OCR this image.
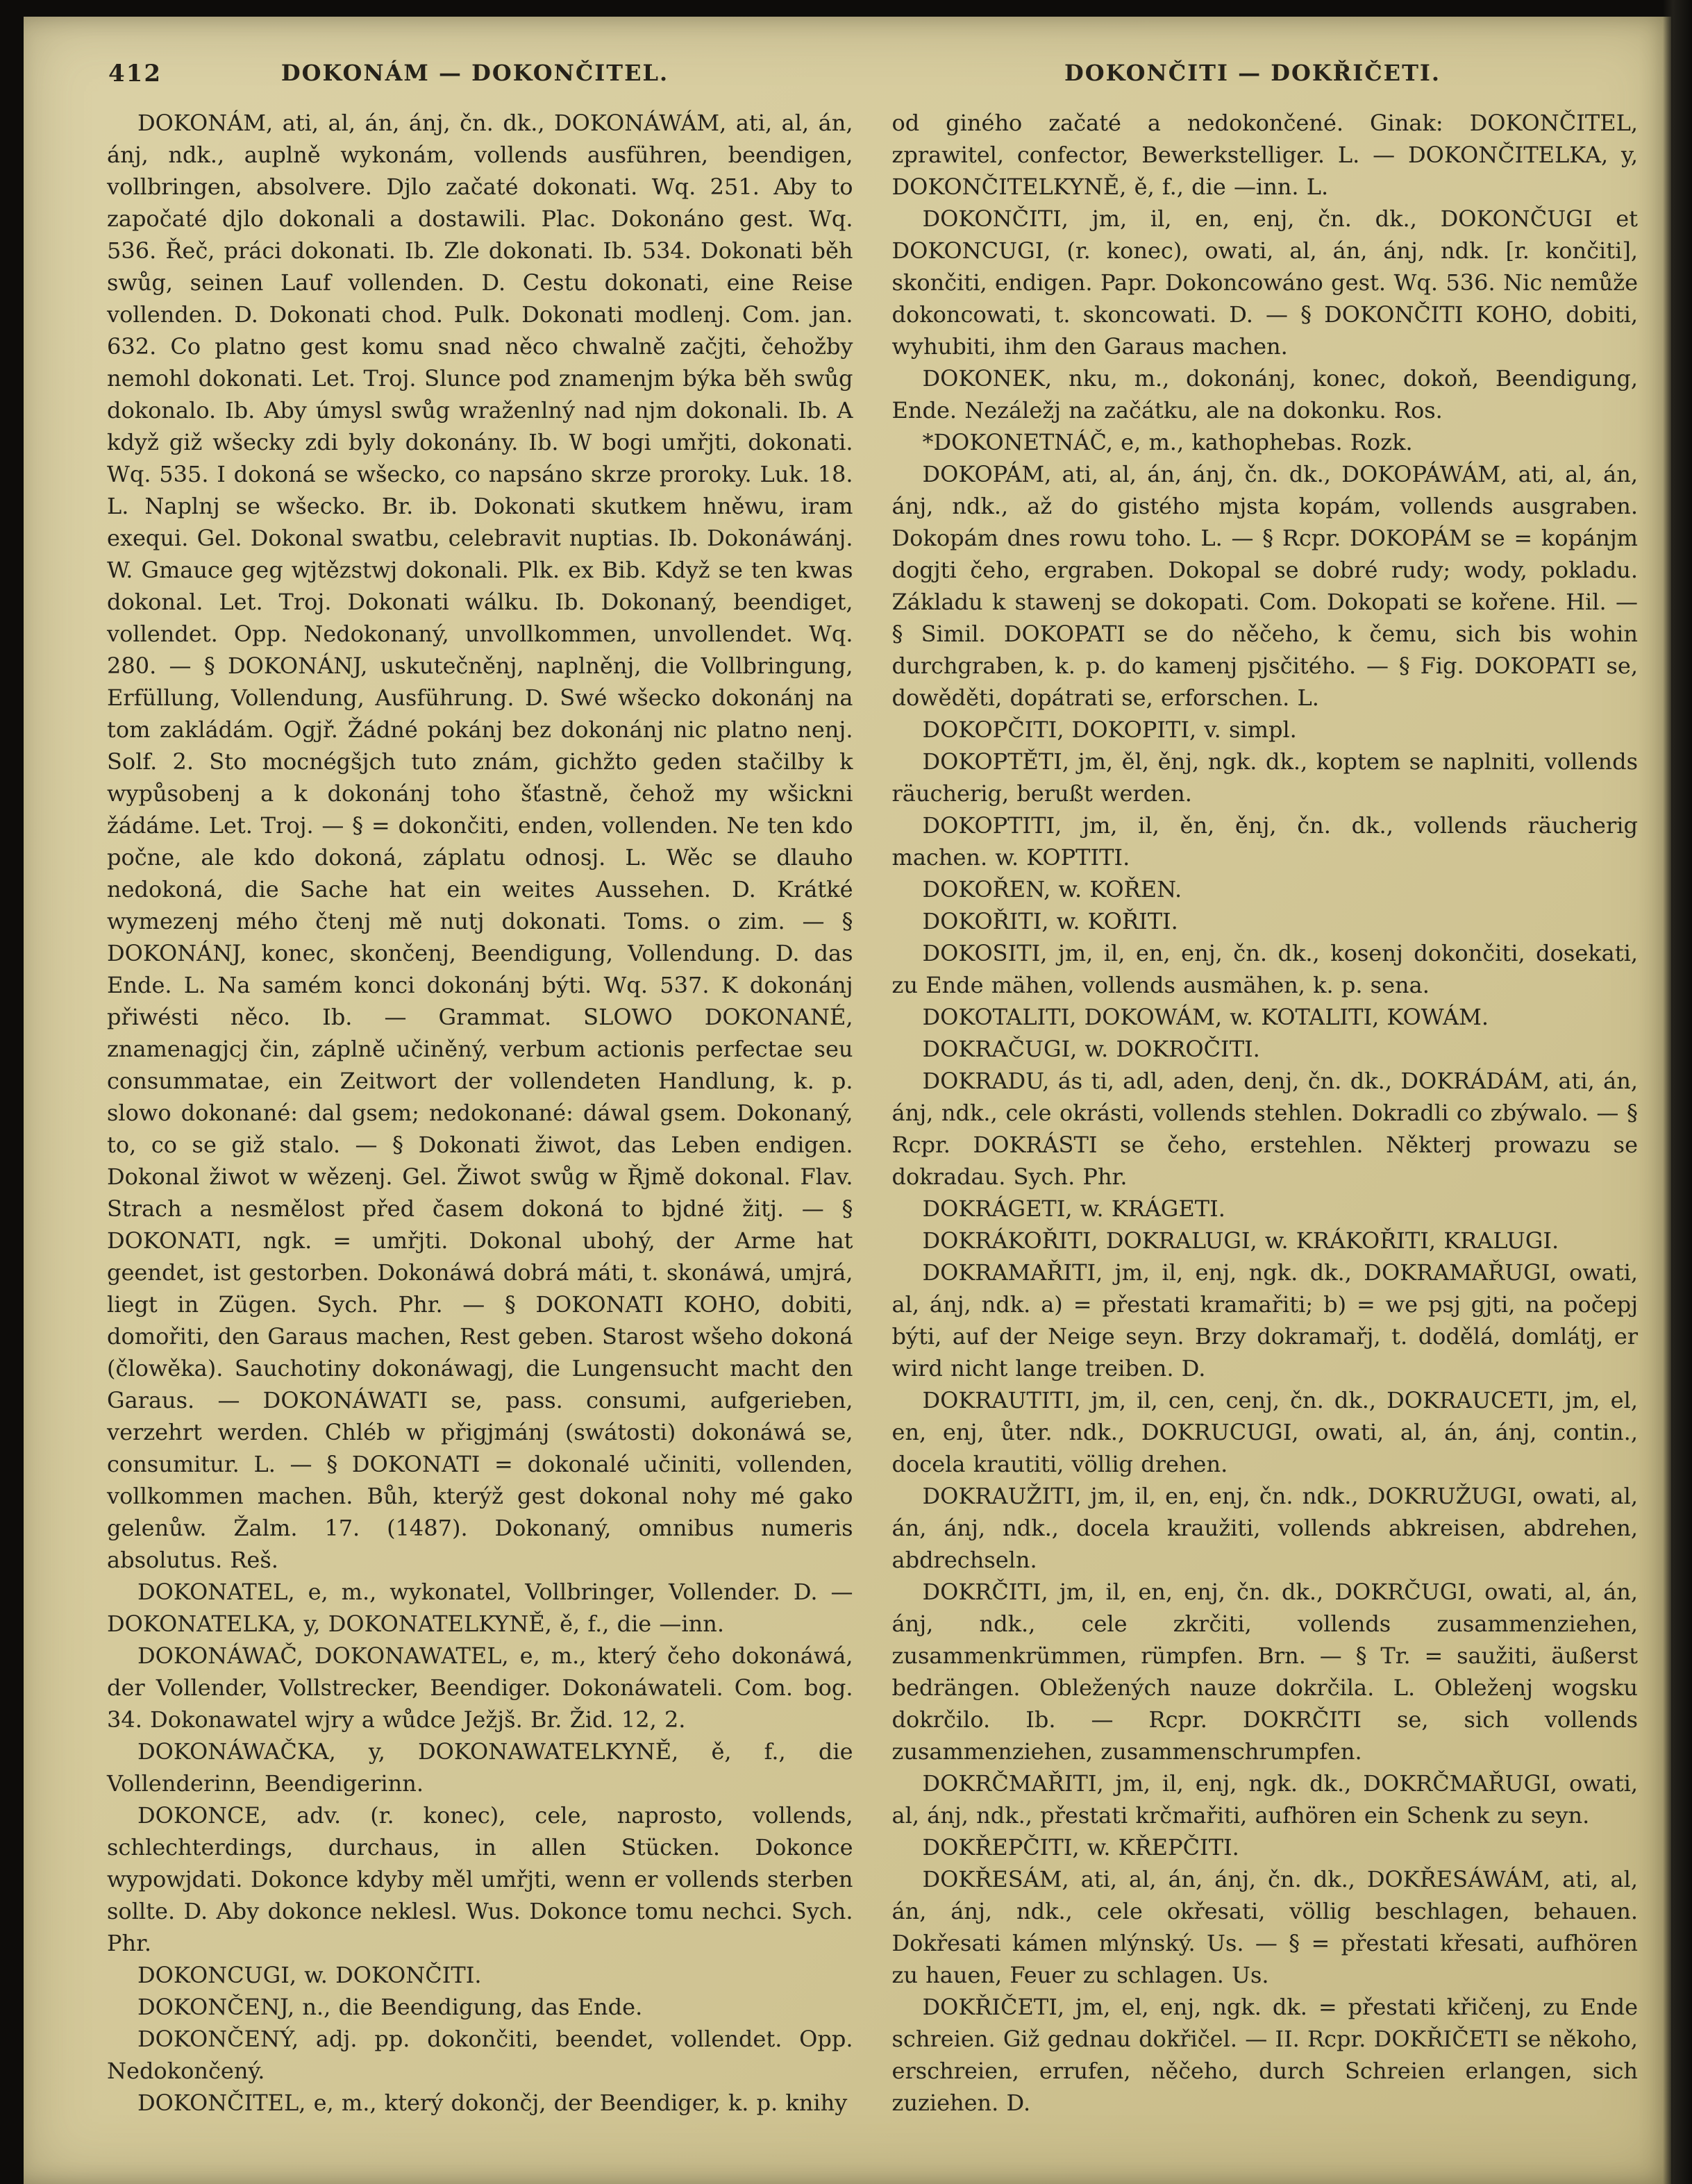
412	DOKONÁM — DOKONČITEL.	DOKONČITI — DOKŘIČETI.

DOKONÁM, ati, al, án, ánj, čn. dk., DOKONÁWÁM, ati, al, án, ánj, ndk., auplně wykonám, vollends ausführen, beendigen, vollbringen, absolvere. Djlo začaté dokonati. Wq. 251. Aby to započaté djlo dokonali a dostawili. Plac. Dokonáno gest. Wq. 536. Řeč, práci dokonati. Ib. Zle dokonati. Ib. 534. Dokonati běh swůg, seinen Lauf vollenden. D. Cestu dokonati, eine Reise vollenden. D. Dokonati chod. Pulk. Dokonati modlenj. Com. jan. 632. Co platno gest komu snad něco chwalně začjti, čehožby nemohl dokonati. Let. Troj. Slunce pod znamenjm býka běh swůg dokonalo. Ib. Aby úmysl swůg wraženlný nad njm dokonali. Ib. A když giž wšecky zdi byly dokonány. Ib. W bogi umřjti, dokonati. Wq. 535. I dokoná se wšecko, co napsáno skrze proroky. Luk. 18. L. Naplnj se wšecko. Br. ib. Dokonati skutkem hněwu, iram exequi. Gel. Dokonal swatbu, celebravit nuptias. Ib. Dokonáwánj. W. Gmauce geg wjtězstwj dokonali. Plk. ex Bib. Když se ten kwas dokonal. Let. Troj. Dokonati wálku. Ib. Dokonaný, beendiget, vollendet. Opp. Nedokonaný, unvollkommen, unvollendet. Wq. 280. — § DOKONÁNJ, uskutečněnj, naplněnj, die Vollbringung, Erfüllung, Vollendung, Ausführung. D. Swé wšecko dokonánj na tom zakládám. Ogjř. Žádné pokánj bez dokonánj nic platno nenj. Solf. 2. Sto mocnégšjch tuto znám, gichžto geden stačilby k wypůsobenj a k dokonánj toho šťastně, čehož my wšickni žádáme. Let. Troj. — § = dokončiti, enden, vollenden. Ne ten kdo počne, ale kdo dokoná, záplatu odnosj. L. Wěc se dlauho nedokoná, die Sache hat ein weites Aussehen. D. Krátké wymezenj mého čtenj mě nutj dokonati. Toms. o zim. — § DOKONÁNJ, konec, skončenj, Beendigung, Vollendung. D. das Ende. L. Na samém konci dokonánj býti. Wq. 537. K dokonánj přiwésti něco. Ib. — Grammat. SLOWO DOKONANÉ, znamenagjcj čin, záplně učiněný, verbum actionis perfectae seu consummatae, ein Zeitwort der vollendeten Handlung, k. p. slowo dokonané: dal gsem; nedokonané: dáwal gsem. Dokonaný, to, co se giž stalo. — § Dokonati žiwot, das Leben endigen. Dokonal žiwot w wězenj. Gel. Žiwot swůg w Řjmě dokonal. Flav. Strach a nesmělost před časem dokoná to bjdné žitj. — § DOKONATI, ngk. = umřjti. Dokonal ubohý, der Arme hat geendet, ist gestorben. Dokonáwá dobrá máti, t. skonáwá, umjrá, liegt in Zügen. Sych. Phr. — § DOKONATI KOHO, dobiti, domořiti, den Garaus machen, Rest geben. Starost wšeho dokoná (člowěka). Sauchotiny dokonáwagj, die Lungensucht macht den Garaus. — DOKONÁWATI se, pass. consumi, aufgerieben, verzehrt werden. Chléb w přigjmánj (swátosti) dokonáwá se, consumitur. L. — § DOKONATI = dokonalé učiniti, vollenden, vollkommen machen. Bůh, kterýž gest dokonal nohy mé gako gelenůw. Žalm. 17. (1487). Dokonaný, omnibus numeris absolutus. Reš.

DOKONATEL, e, m., wykonatel, Vollbringer, Vollender. D. — DOKONATELKA, y, DOKONATELKYNĚ, ě, f., die —inn.

DOKONÁWAČ, DOKONAWATEL, e, m., který čeho dokonáwá, der Vollender, Vollstrecker, Beendiger. Dokonáwateli. Com. bog. 34. Dokonawatel wjry a wůdce Ježjš. Br. Žid. 12, 2.

DOKONÁWAČKA, y, DOKONAWATELKYNĚ, ě, f., die Vollenderinn, Beendigerinn.

DOKONCE, adv. (r. konec), cele, naprosto, vollends, schlechterdings, durchaus, in allen Stücken. Dokonce wypowjdati. Dokonce kdyby měl umřjti, wenn er vollends sterben sollte. D. Aby dokonce neklesl. Wus. Dokonce tomu nechci. Sych. Phr.

DOKONCUGI, w. DOKONČITI.

DOKONČENJ, n., die Beendigung, das Ende.

DOKONČENÝ, adj. pp. dokončiti, beendet, vollendet. Opp. Nedokončený.

DOKONČITEL, e, m., který dokončj, der Beendiger, k. p. knihy

od giného začaté a nedokončené. Ginak: DOKONČITEL, zprawitel, confector, Bewerkstelliger. L. — DOKONČITELKA, y, DOKONČITELKYNĚ, ě, f., die —inn. L.

DOKONČITI, jm, il, en, enj, čn. dk., DOKONČUGI et DOKONCUGI, (r. konec), owati, al, án, ánj, ndk. [r. končiti], skončiti, endigen. Papr. Dokoncowáno gest. Wq. 536. Nic nemůže dokoncowati, t. skoncowati. D. — § DOKONČITI KOHO, dobiti, wyhubiti, ihm den Garaus machen.

DOKONEK, nku, m., dokonánj, konec, dokoň, Beendigung, Ende. Nezáležj na začátku, ale na dokonku. Ros.

*DOKONETNÁČ, e, m., kathophebas. Rozk.

DOKOPÁM, ati, al, án, ánj, čn. dk., DOKOPÁWÁM, ati, al, án, ánj, ndk., až do gistého mjsta kopám, vollends ausgraben. Dokopám dnes rowu toho. L. — § Rcpr. DOKOPÁM se = kopánjm dogjti čeho, ergraben. Dokopal se dobré rudy; wody, pokladu. Základu k stawenj se dokopati. Com. Dokopati se kořene. Hil. — § Simil. DOKOPATI se do něčeho, k čemu, sich bis wohin durchgraben, k. p. do kamenj pjsčitého. — § Fig. DOKOPATI se, dowěděti, dopátrati se, erforschen. L.

DOKOPČITI, DOKOPITI, v. simpl.

DOKOPTĚTI, jm, ěl, ěnj, ngk. dk., koptem se naplniti, vollends räucherig, berußt werden.

DOKOPTITI, jm, il, ěn, ěnj, čn. dk., vollends räucherig machen. w. KOPTITI.

DOKOŘEN, w. KOŘEN.

DOKOŘITI, w. KOŘITI.

DOKOSITI, jm, il, en, enj, čn. dk., kosenj dokončiti, dosekati, zu Ende mähen, vollends ausmähen, k. p. sena.

DOKOTALITI, DOKOWÁM, w. KOTALITI, KOWÁM.

DOKRAČUGI, w. DOKROČITI.

DOKRADU, ás ti, adl, aden, denj, čn. dk., DOKRÁDÁM, ati, án, ánj, ndk., cele okrásti, vollends stehlen. Dokradli co zbýwalo. — § Rcpr. DOKRÁSTI se čeho, erstehlen. Některj prowazu se dokradau. Sych. Phr.

DOKRÁGETI, w. KRÁGETI.

DOKRÁKOŘITI, DOKRALUGI, w. KRÁKOŘITI, KRALUGI.

DOKRAMAŘITI, jm, il, enj, ngk. dk., DOKRAMAŘUGI, owati, al, ánj, ndk. a) = přestati kramařiti; b) = we psj gjti, na počepj býti, auf der Neige seyn. Brzy dokramařj, t. dodělá, domlátj, er wird nicht lange treiben. D.

DOKRAUTITI, jm, il, cen, cenj, čn. dk., DOKRAUCETI, jm, el, en, enj, ůter. ndk., DOKRUCUGI, owati, al, án, ánj, contin., docela krautiti, völlig drehen.

DOKRAUŽITI, jm, il, en, enj, čn. ndk., DOKRUŽUGI, owati, al, án, ánj, ndk., docela kraužiti, vollends abkreisen, abdrehen, abdrechseln.

DOKRČITI, jm, il, en, enj, čn. dk., DOKRČUGI, owati, al, án, ánj, ndk., cele zkrčiti, vollends zusammenziehen, zusammenkrümmen, rümpfen. Brn. — § Tr. = saužiti, äußerst bedrängen. Obležených nauze dokrčila. L. Obleženj wogsku dokrčilo. Ib. — Rcpr. DOKRČITI se, sich vollends zusammenziehen, zusammenschrumpfen.

DOKRČMAŘITI, jm, il, enj, ngk. dk., DOKRČMAŘUGI, owati, al, ánj, ndk., přestati krčmařiti, aufhören ein Schenk zu seyn.

DOKŘEPČITI, w. KŘEPČITI.

DOKŘESÁM, ati, al, án, ánj, čn. dk., DOKŘESÁWÁM, ati, al, án, ánj, ndk., cele okřesati, völlig beschlagen, behauen. Dokřesati kámen mlýnský. Us. — § = přestati křesati, aufhören zu hauen, Feuer zu schlagen. Us.

DOKŘIČETI, jm, el, enj, ngk. dk. = přestati křičenj, zu Ende schreien. Giž gednau dokřičel. — II. Rcpr. DOKŘIČETI se někoho, erschreien, errufen, něčeho, durch Schreien erlangen, sich zuziehen. D.
